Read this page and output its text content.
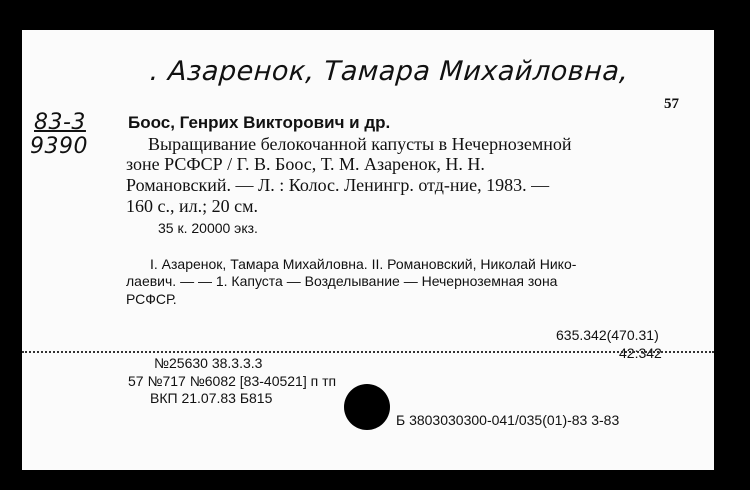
. Азаренок, Тамара Михайловна,
83-3
9390
57
Боос, Генрих Викторович и др.
Выращивание белокочанной капусты в Нечерноземной
зоне РСФСР / Г. В. Боос, Т. М. Азаренок, Н. Н.
Романовский. — Л. : Колос. Ленингр. отд-ние, 1983. —
160 с., ил.; 20 см.
35 к. 20000 экз.
I. Азаренок, Тамара Михайловна. II. Романовский, Николай Нико-
лаевич. — — 1. Капуста — Возделывание — Нечерноземная зона
РСФСР.
635.342(470.31)
42:342
№25630 38.3.3.3
57 №717 №6082 [83-40521] п тп
ВКП 21.07.83 Б815
Б 3803030300-041/035(01)-83 3-83
